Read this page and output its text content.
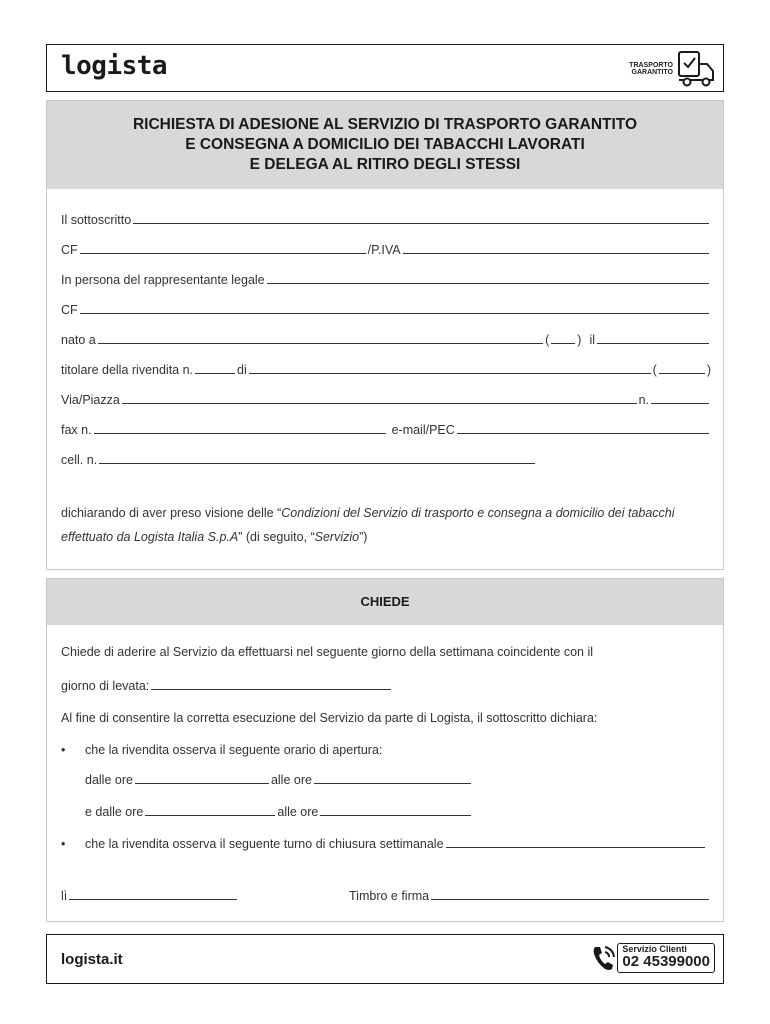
logista	TRASPORTO
GARANTITO
RICHIESTA DI ADESIONE AL SERVIZIO DI TRASPORTO GARANTITO
E CONSEGNA A DOMICILIO DEI TABACCHI LAVORATI
E DELEGA AL RITIRO DEGLI STESSI
Il sottoscritto
CF	/P.IVA
In persona del rappresentante legale
CF
nato a	( ) il
titolare della rivendita n.	di	(	)
Via/Piazza	n.
fax n.	e-mail/PEC
cell. n.
dichiarando di aver preso visione delle “Condizioni del Servizio di trasporto e consegna a domicilio dei tabacchi effettuato da Logista Italia S.p.A” (di seguito, “Servizio”)
CHIEDE
Chiede di aderire al Servizio da effettuarsi nel seguente giorno della settimana coincidente con il
giorno di levata:
Al fine di consentire la corretta esecuzione del Servizio da parte di Logista, il sottoscritto dichiara:
•	che la rivendita osserva il seguente orario di apertura:
dalle ore	alle ore
e dalle ore	alle ore
•	che la rivendita osserva il seguente turno di chiusura settimanale
lì	Timbro e firma
logista.it
Servizio Clienti
02 45399000
